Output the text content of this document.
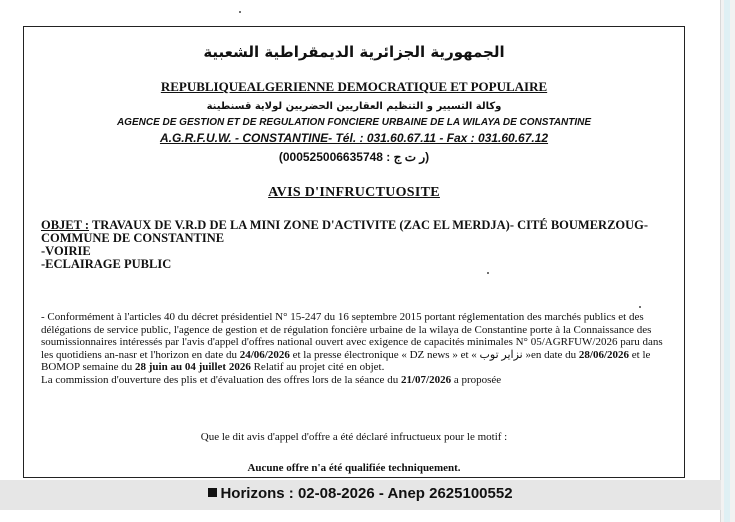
الجمهورية الجزائرية الديمقراطية الشعبية
REPUBLIQUEALGERIENNE DEMOCRATIQUE ET POPULAIRE
وكالة التسيير و التنظيم العقاريين الحضريين لولاية قسنطينة
AGENCE DE GESTION ET DE REGULATION FONCIERE URBAINE DE LA WILAYA DE CONSTANTINE
A.G.R.F.U.W. - CONSTANTINE- Tél. : 031.60.67.11 - Fax : 031.60.67.12
(ر ت ج : 000525006635748)
AVIS D'INFRUCTUOSITE
OBJET : TRAVAUX DE V.R.D DE LA MINI ZONE D'ACTIVITE (ZAC EL MERDJA)- CITÉ BOUMERZOUG- COMMUNE DE CONSTANTINE
-VOIRIE
-ECLAIRAGE PUBLIC
- Conformément à l'articles 40 du décret présidentiel N° 15-247 du 16 septembre 2015 portant réglementation des marchés publics et des délégations de service public, l'agence de gestion et de régulation foncière urbaine de la wilaya de Constantine porte à la Connaissance des soumissionnaires intéressés par l'avis d'appel d'offres national ouvert avec exigence de capacités minimales N° 05/AGRFUW/2026 paru dans les quotidiens an-nasr et l'horizon en date du 24/06/2026 et la presse électronique « DZ news » et « نزاير توب »en date du 28/06/2026 et le BOMOP semaine du 28 juin au 04 juillet 2026 Relatif au projet cité en objet.
La commission d'ouverture des plis et d'évaluation des offres lors de la séance du 21/07/2026 a proposée
Que le dit avis d'appel d'offre a été déclaré infructueux pour le motif :
Aucune offre n'a été qualifiée techniquement.
Horizons : 02-08-2026 - Anep 2625100552
